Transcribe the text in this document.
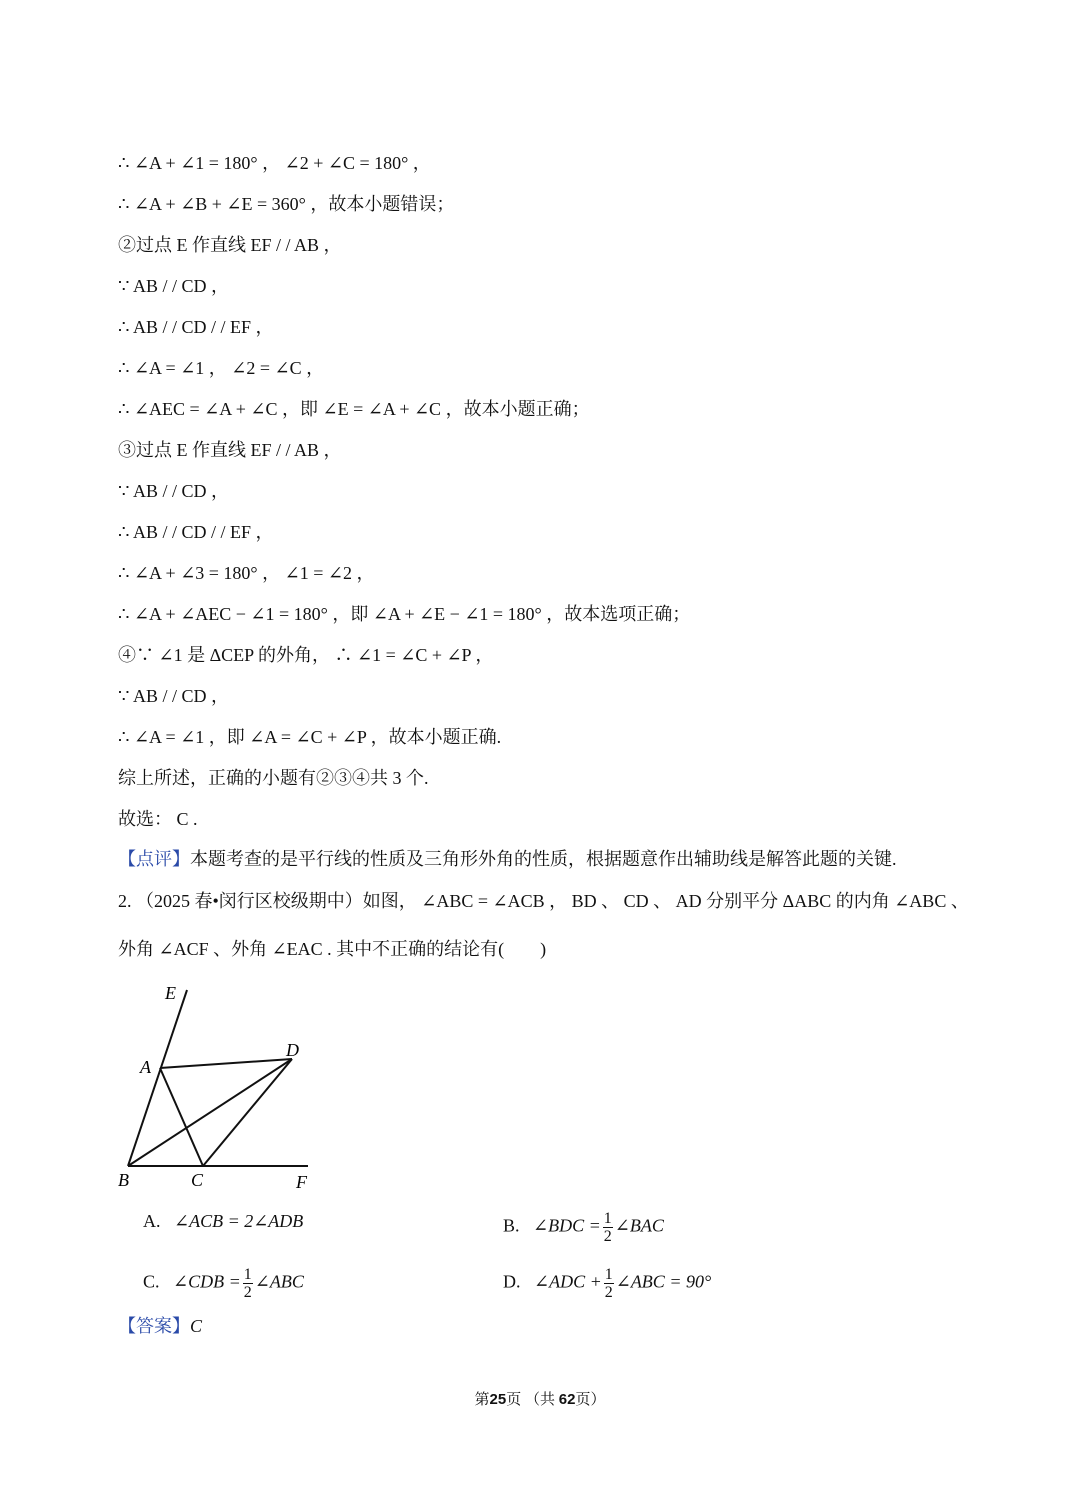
∴ ∠A + ∠1 = 180° ， ∠2 + ∠C = 180° ，
∴ ∠A + ∠B + ∠E = 360° ，故本小题错误；
②过点 E 作直线 EF / / AB ，
∵ AB / / CD ，
∴ AB / / CD / / EF ，
∴ ∠A = ∠1 ， ∠2 = ∠C ，
∴ ∠AEC = ∠A + ∠C ，即 ∠E = ∠A + ∠C ，故本小题正确；
③过点 E 作直线 EF / / AB ，
∵ AB / / CD ，
∴ AB / / CD / / EF ，
∴ ∠A + ∠3 = 180° ， ∠1 = ∠2 ，
∴ ∠A + ∠AEC − ∠1 = 180° ，即 ∠A + ∠E − ∠1 = 180° ，故本选项正确；
④∵ ∠1 是 ΔCEP 的外角， ∴ ∠1 = ∠C + ∠P ，
∵ AB / / CD ，
∴ ∠A = ∠1 ，即 ∠A = ∠C + ∠P ，故本小题正确.
综上所述，正确的小题有②③④共 3 个.
故选： C .
【点评】本题考查的是平行线的性质及三角形外角的性质，根据题意作出辅助线是解答此题的关键.
2. （2025 春•闵行区校级期中）如图， ∠ABC = ∠ACB ， BD 、 CD 、 AD 分别平分 ΔABC 的内角 ∠ABC 、
外角 ∠ACF 、外角 ∠EAC . 其中不正确的结论有(　　)
E
A
D
B	C	F
A. ∠ACB = 2∠ADB	B. ∠BDC = $\frac{1}{2}$ ∠BAC
C. ∠CDB = $\frac{1}{2}$ ∠ABC	D. ∠ADC + $\frac{1}{2}$ ∠ABC = 90°
【答案】C
第25页 （共 62页）
